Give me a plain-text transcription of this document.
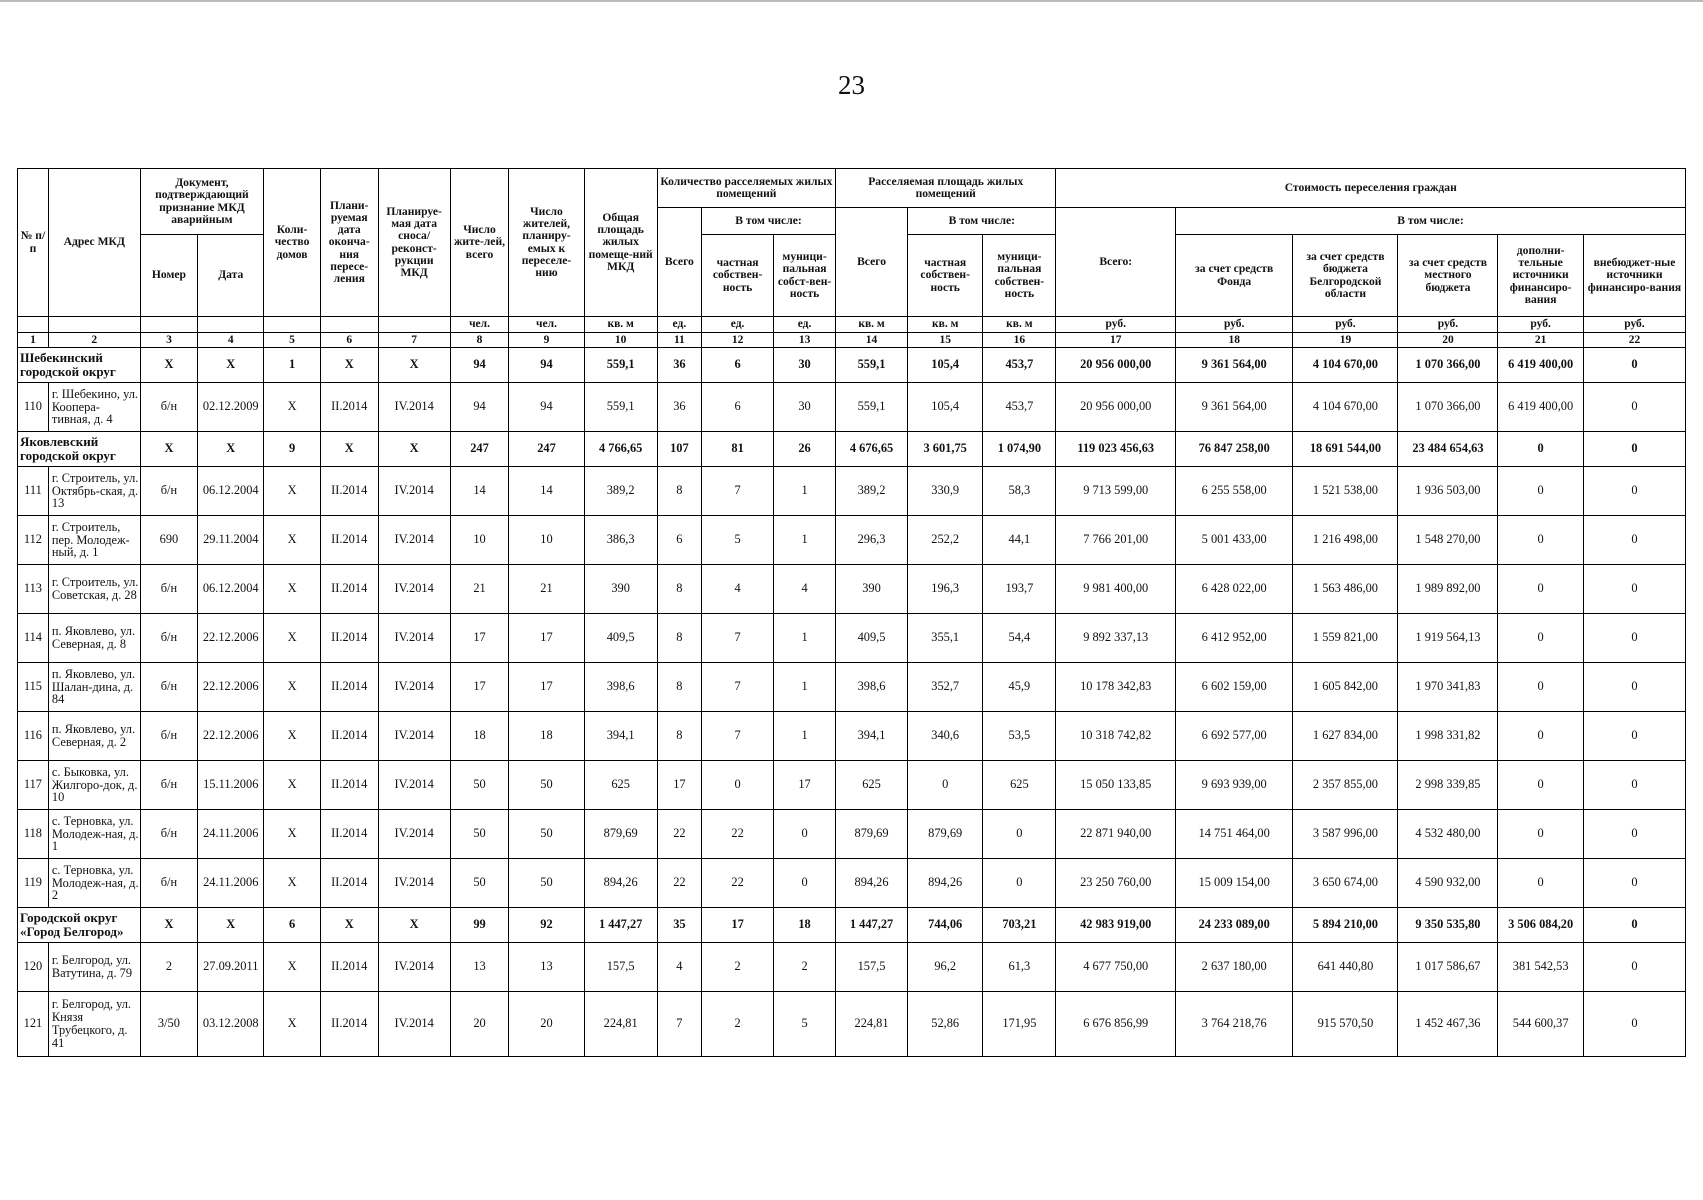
23
№ п/п	Адрес МКД	Документ, подтверждающий признание МКД аварийным		Коли-чество домов	Плани-руемая дата оконча-ния пересе-ления	Планируе-мая дата сноса/ реконст-рукции МКД	Число жите-лей, всего	Число жителей, планиру-емых к переселе-нию	Общая площадь жилых помеще-ний МКД	Количество расселяемых жилых помещений			Расселяемая площадь жилых помещений			Стоимость переселения граждан					
										Всего	В том числе:		Всего	В том числе:		Всего:	В том числе:				
		Номер	Дата								частная собствен-ность	муници-пальная собст-вен-ность		частная собствен-ность	муници-пальная собствен-ность		за счет средств Фонда	за счет средств бюджета Белгородской области	за счет средств местного бюджета	дополни-тельные источники финансиро-вания	внебюджет-ные источники финансиро-вания
							чел.	чел.	кв. м	ед.	ед.	ед.	кв. м	кв. м	кв. м	руб.	руб.	руб.	руб.	руб.	руб.
1	2	3	4	5	6	7	8	9	10	11	12	13	14	15	16	17	18	19	20	21	22
Шебекинский городской округ		X	X	1	X	X	94	94	559,1	36	6	30	559,1	105,4	453,7	20 956 000,00	9 361 564,00	4 104 670,00	1 070 366,00	6 419 400,00	0
110	г. Шебекино, ул. Коопера-тивная, д. 4	б/н	02.12.2009	X	II.2014	IV.2014	94	94	559,1	36	6	30	559,1	105,4	453,7	20 956 000,00	9 361 564,00	4 104 670,00	1 070 366,00	6 419 400,00	0
Яковлевский городской округ		X	X	9	X	X	247	247	4 766,65	107	81	26	4 676,65	3 601,75	1 074,90	119 023 456,63	76 847 258,00	18 691 544,00	23 484 654,63	0	0
111	г. Строитель, ул. Октябрь-ская, д. 13	б/н	06.12.2004	X	II.2014	IV.2014	14	14	389,2	8	7	1	389,2	330,9	58,3	9 713 599,00	6 255 558,00	1 521 538,00	1 936 503,00	0	0
112	г. Строитель, пер. Молодеж-ный, д. 1	690	29.11.2004	X	II.2014	IV.2014	10	10	386,3	6	5	1	296,3	252,2	44,1	7 766 201,00	5 001 433,00	1 216 498,00	1 548 270,00	0	0
113	г. Строитель, ул. Советская, д. 28	б/н	06.12.2004	X	II.2014	IV.2014	21	21	390	8	4	4	390	196,3	193,7	9 981 400,00	6 428 022,00	1 563 486,00	1 989 892,00	0	0
114	п. Яковлево, ул. Северная, д. 8	б/н	22.12.2006	X	II.2014	IV.2014	17	17	409,5	8	7	1	409,5	355,1	54,4	9 892 337,13	6 412 952,00	1 559 821,00	1 919 564,13	0	0
115	п. Яковлево, ул. Шалан-дина, д. 84	б/н	22.12.2006	X	II.2014	IV.2014	17	17	398,6	8	7	1	398,6	352,7	45,9	10 178 342,83	6 602 159,00	1 605 842,00	1 970 341,83	0	0
116	п. Яковлево, ул. Северная, д. 2	б/н	22.12.2006	X	II.2014	IV.2014	18	18	394,1	8	7	1	394,1	340,6	53,5	10 318 742,82	6 692 577,00	1 627 834,00	1 998 331,82	0	0
117	с. Быковка, ул. Жилгоро-док, д. 10	б/н	15.11.2006	X	II.2014	IV.2014	50	50	625	17	0	17	625	0	625	15 050 133,85	9 693 939,00	2 357 855,00	2 998 339,85	0	0
118	с. Терновка, ул. Молодеж-ная, д. 1	б/н	24.11.2006	X	II.2014	IV.2014	50	50	879,69	22	22	0	879,69	879,69	0	22 871 940,00	14 751 464,00	3 587 996,00	4 532 480,00	0	0
119	с. Терновка, ул. Молодеж-ная, д. 2	б/н	24.11.2006	X	II.2014	IV.2014	50	50	894,26	22	22	0	894,26	894,26	0	23 250 760,00	15 009 154,00	3 650 674,00	4 590 932,00	0	0
Городской округ «Город Белгород»		X	X	6	X	X	99	92	1 447,27	35	17	18	1 447,27	744,06	703,21	42 983 919,00	24 233 089,00	5 894 210,00	9 350 535,80	3 506 084,20	0
120	г. Белгород, ул. Ватутина, д. 79	2	27.09.2011	X	II.2014	IV.2014	13	13	157,5	4	2	2	157,5	96,2	61,3	4 677 750,00	2 637 180,00	641 440,80	1 017 586,67	381 542,53	0
121	г. Белгород, ул. Князя Трубецкого, д. 41	3/50	03.12.2008	X	II.2014	IV.2014	20	20	224,81	7	2	5	224,81	52,86	171,95	6 676 856,99	3 764 218,76	915 570,50	1 452 467,36	544 600,37	0
